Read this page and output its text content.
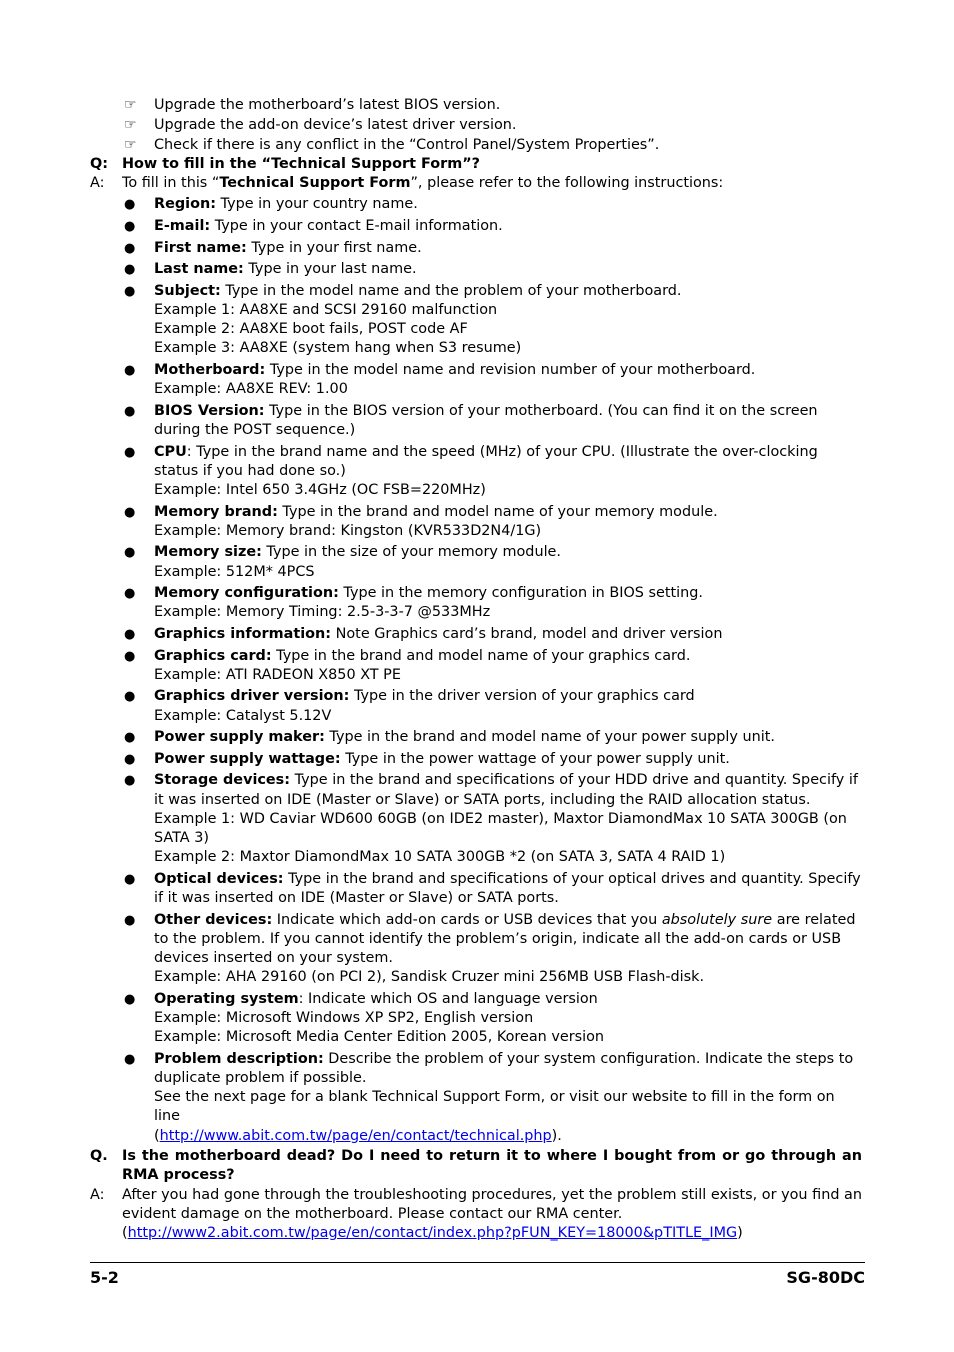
☞ Upgrade the motherboard’s latest BIOS version.
☞ Upgrade the add-on device’s latest driver version.
☞ Check if there is any conflict in the “Control Panel/System Properties”.
Q: How to fill in the “Technical Support Form”?
A: To fill in this “Technical Support Form”, please refer to the following instructions:
● Region: Type in your country name.
● E-mail: Type in your contact E-mail information.
● First name: Type in your first name.
● Last name: Type in your last name.
● Subject: Type in the model name and the problem of your motherboard.
Example 1: AA8XE and SCSI 29160 malfunction
Example 2: AA8XE boot fails, POST code AF
Example 3: AA8XE (system hang when S3 resume)
● Motherboard: Type in the model name and revision number of your motherboard.
Example: AA8XE REV: 1.00
● BIOS Version: Type in the BIOS version of your motherboard. (You can find it on the screen during the POST sequence.)
● CPU: Type in the brand name and the speed (MHz) of your CPU. (Illustrate the over-clocking status if you had done so.)
Example: Intel 650 3.4GHz (OC FSB=220MHz)
● Memory brand: Type in the brand and model name of your memory module.
Example: Memory brand: Kingston (KVR533D2N4/1G)
● Memory size: Type in the size of your memory module.
Example: 512M* 4PCS
● Memory configuration: Type in the memory configuration in BIOS setting.
Example: Memory Timing: 2.5-3-3-7 @533MHz
● Graphics information: Note Graphics card’s brand, model and driver version
● Graphics card: Type in the brand and model name of your graphics card.
Example: ATI RADEON X850 XT PE
● Graphics driver version: Type in the driver version of your graphics card
Example: Catalyst 5.12V
● Power supply maker: Type in the brand and model name of your power supply unit.
● Power supply wattage: Type in the power wattage of your power supply unit.
● Storage devices: Type in the brand and specifications of your HDD drive and quantity. Specify if it was inserted on IDE (Master or Slave) or SATA ports, including the RAID allocation status.
Example 1: WD Caviar WD600 60GB (on IDE2 master), Maxtor DiamondMax 10 SATA 300GB (on SATA 3)
Example 2: Maxtor DiamondMax 10 SATA 300GB *2 (on SATA 3, SATA 4 RAID 1)
● Optical devices: Type in the brand and specifications of your optical drives and quantity. Specify if it was inserted on IDE (Master or Slave) or SATA ports.
● Other devices: Indicate which add-on cards or USB devices that you absolutely sure are related to the problem. If you cannot identify the problem’s origin, indicate all the add-on cards or USB devices inserted on your system.
Example: AHA 29160 (on PCI 2), Sandisk Cruzer mini 256MB USB Flash-disk.
● Operating system: Indicate which OS and language version
Example: Microsoft Windows XP SP2, English version
Example: Microsoft Media Center Edition 2005, Korean version
● Problem description: Describe the problem of your system configuration. Indicate the steps to duplicate problem if possible.
See the next page for a blank Technical Support Form, or visit our website to fill in the form on line
(http://www.abit.com.tw/page/en/contact/technical.php).
Q. Is the motherboard dead? Do I need to return it to where I bought from or go through an RMA process?
A: After you had gone through the troubleshooting procedures, yet the problem still exists, or you find an evident damage on the motherboard. Please contact our RMA center.
(http://www2.abit.com.tw/page/en/contact/index.php?pFUN_KEY=18000&pTITLE_IMG)
5-2	SG-80DC
